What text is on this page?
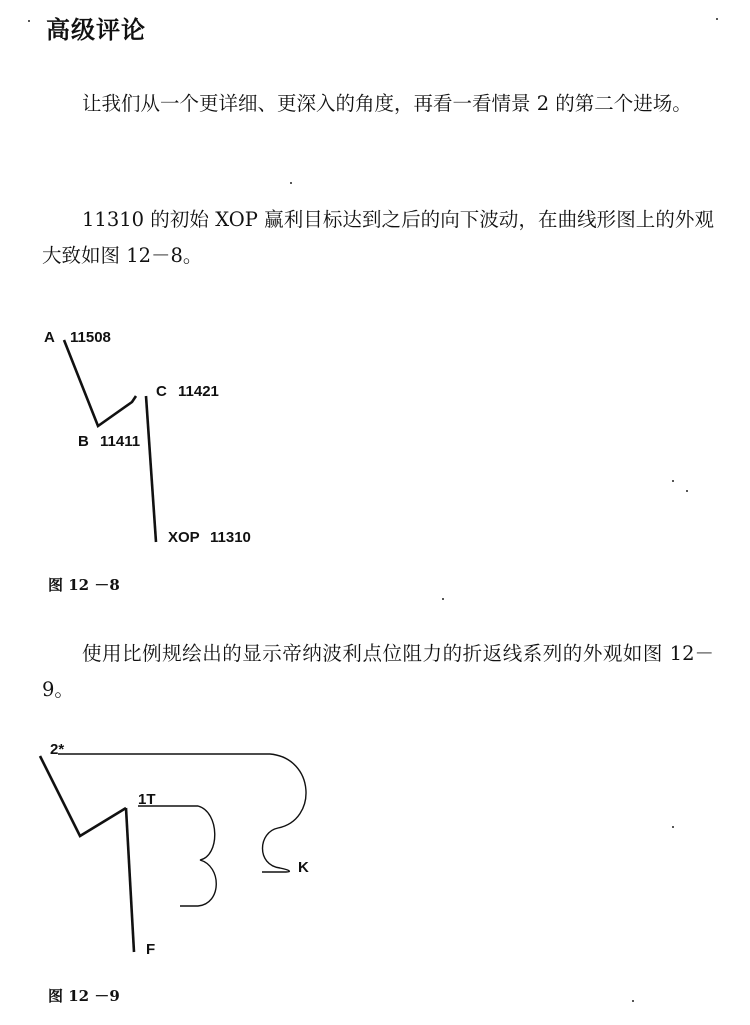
高级评论

让我们从一个更详细、更深入的角度，再看一看情景 2 的第二个进场。

11310 的初始 XOP 赢利目标达到之后的向下波动，在曲线形图上的外观大致如图 12－8。

A 11508
B 11411
C 11421
XOP 11310

图 12 －8

使用比例规绘出的显示帝纳波利点位阻力的折返线系列的外观如图 12－9。

2*
1T
K
F

图 12 －9
